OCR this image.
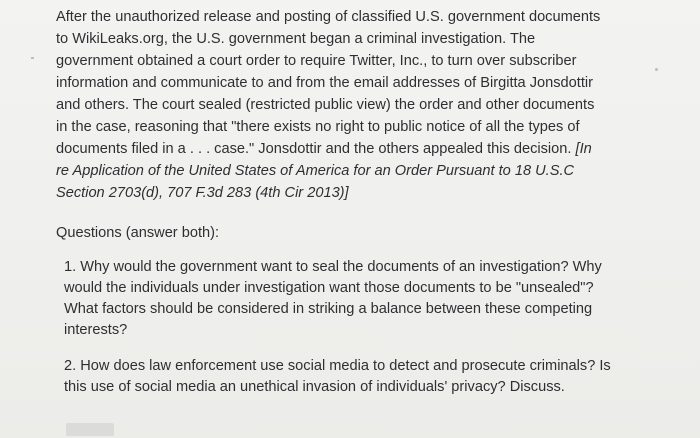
After the unauthorized release and posting of classified U.S. government documents
to WikiLeaks.org, the U.S. government began a criminal investigation. The
government obtained a court order to require Twitter, Inc., to turn over subscriber
information and communicate to and from the email addresses of Birgitta Jonsdottir
and others. The court sealed (restricted public view) the order and other documents
in the case, reasoning that "there exists no right to public notice of all the types of
documents filed in a . . . case." Jonsdottir and the others appealed this decision. [In
re Application of the United States of America for an Order Pursuant to 18 U.S.C
Section 2703(d), 707 F.3d 283 (4th Cir 2013)]

Questions (answer both):

1. Why would the government want to seal the documents of an investigation? Why
would the individuals under investigation want those documents to be "unsealed"?
What factors should be considered in striking a balance between these competing
interests?

2. How does law enforcement use social media to detect and prosecute criminals? Is
this use of social media an unethical invasion of individuals' privacy? Discuss.
